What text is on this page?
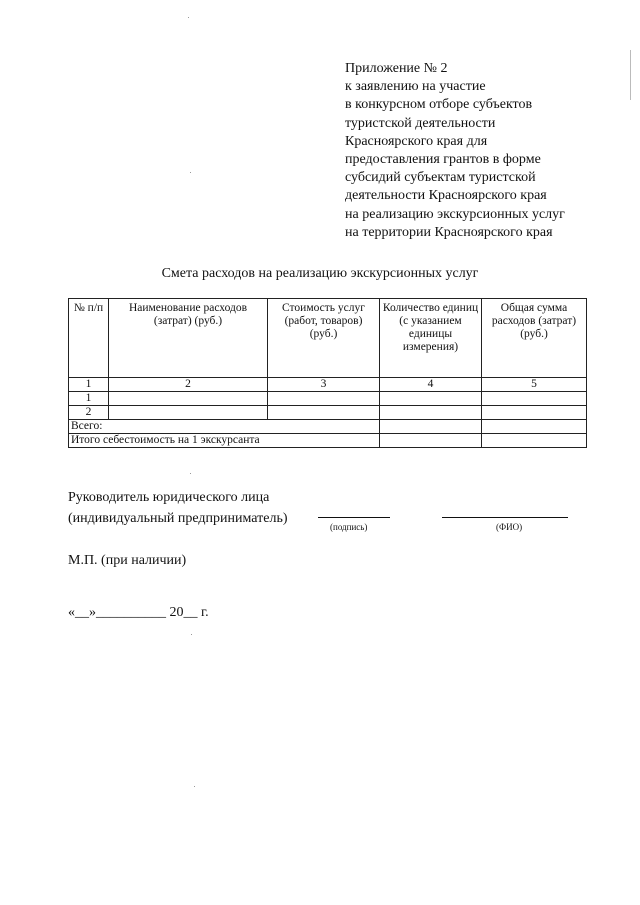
Приложение № 2
к заявлению на участие
в конкурсном отборе субъектов
туристской деятельности
Красноярского края для
предоставления грантов в форме
субсидий субъектам туристской
деятельности Красноярского края
на реализацию экскурсионных услуг
на территории Красноярского края
Смета расходов на реализацию экскурсионных услуг
№ п/п	Наименование расходов (затрат) (руб.)	Стоимость услуг (работ, товаров) (руб.)	Количество единиц (с указанием единицы измерения)	Общая сумма расходов (затрат) (руб.)
1	2	3	4	5
1				
2				
Всего:				
Итого себестоимость на 1 экскурсанта				
Руководитель юридического лица
(индивидуальный предприниматель)
(подпись)	(ФИО)
М.П. (при наличии)
«__»__________ 20__ г.
